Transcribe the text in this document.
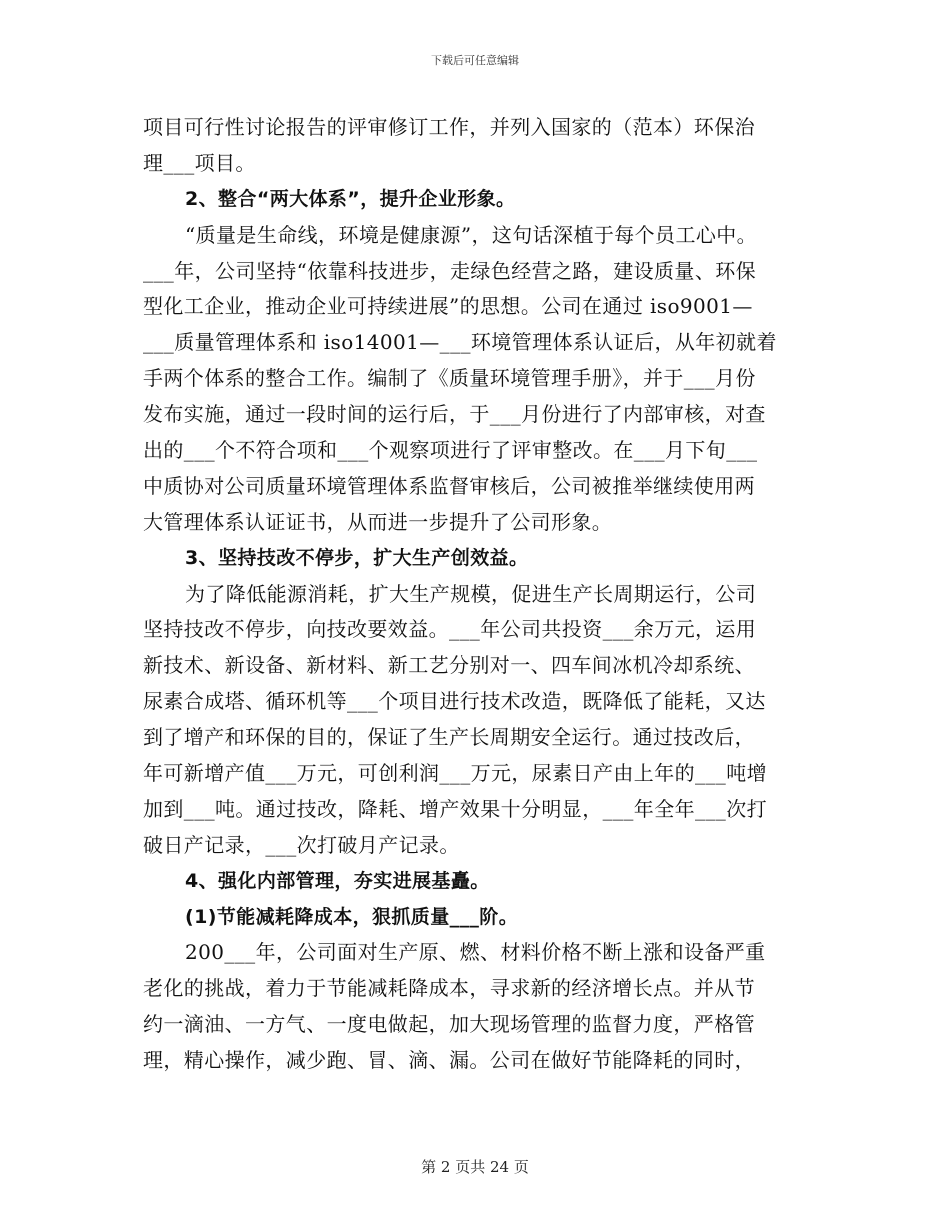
下载后可任意编辑
项目可行性讨论报告的评审修订工作，并列入国家的（范本）环保治
理___项目。
2、整合“两大体系”，提升企业形象。
“质量是生命线，环境是健康源”，这句话深植于每个员工心中。
___年，公司坚持“依靠科技进步，走绿色经营之路，建设质量、环保
型化工企业，推动企业可持续进展”的思想。公司在通过 iso9001—
___质量管理体系和 iso14001—___环境管理体系认证后，从年初就着
手两个体系的整合工作。编制了《质量环境管理手册》，并于___月份
发布实施，通过一段时间的运行后，于___月份进行了内部审核，对查
出的___个不符合项和___个观察项进行了评审整改。在___月下旬___
中质协对公司质量环境管理体系监督审核后，公司被推举继续使用两
大管理体系认证证书，从而进一步提升了公司形象。
3、坚持技改不停步，扩大生产创效益。
为了降低能源消耗，扩大生产规模，促进生产长周期运行，公司
坚持技改不停步，向技改要效益。___年公司共投资___余万元，运用
新技术、新设备、新材料、新工艺分别对一、四车间冰机冷却系统、
尿素合成塔、循环机等___个项目进行技术改造，既降低了能耗，又达
到了增产和环保的目的，保证了生产长周期安全运行。通过技改后，
年可新增产值___万元，可创利润___万元，尿素日产由上年的___吨增
加到___吨。通过技改，降耗、增产效果十分明显，___年全年___次打
破日产记录，___次打破月产记录。
4、强化内部管理，夯实进展基矗。
(1)节能减耗降成本，狠抓质量___阶。
200___年，公司面对生产原、燃、材料价格不断上涨和设备严重
老化的挑战，着力于节能减耗降成本，寻求新的经济增长点。并从节
约一滴油、一方气、一度电做起，加大现场管理的监督力度，严格管
理，精心操作，减少跑、冒、滴、漏。公司在做好节能降耗的同时，
第 2 页共 24 页
